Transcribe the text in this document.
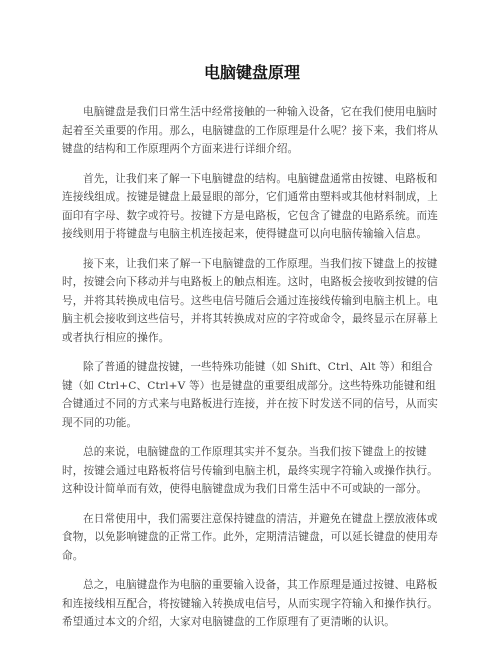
电脑键盘原理

电脑键盘是我们日常生活中经常接触的一种输入设备，它在我们使用电脑时起着至关重要的作用。那么，电脑键盘的工作原理是什么呢？接下来，我们将从键盘的结构和工作原理两个方面来进行详细介绍。

首先，让我们来了解一下电脑键盘的结构。电脑键盘通常由按键、电路板和连接线组成。按键是键盘上最显眼的部分，它们通常由塑料或其他材料制成，上面印有字母、数字或符号。按键下方是电路板，它包含了键盘的电路系统。而连接线则用于将键盘与电脑主机连接起来，使得键盘可以向电脑传输输入信息。

接下来，让我们来了解一下电脑键盘的工作原理。当我们按下键盘上的按键时，按键会向下移动并与电路板上的触点相连。这时，电路板会接收到按键的信号，并将其转换成电信号。这些电信号随后会通过连接线传输到电脑主机上。电脑主机会接收到这些信号，并将其转换成对应的字符或命令，最终显示在屏幕上或者执行相应的操作。

除了普通的键盘按键，一些特殊功能键（如 Shift、Ctrl、Alt 等）和组合键（如 Ctrl+C、Ctrl+V 等）也是键盘的重要组成部分。这些特殊功能键和组合键通过不同的方式来与电路板进行连接，并在按下时发送不同的信号，从而实现不同的功能。

总的来说，电脑键盘的工作原理其实并不复杂。当我们按下键盘上的按键时，按键会通过电路板将信号传输到电脑主机，最终实现字符输入或操作执行。这种设计简单而有效，使得电脑键盘成为我们日常生活中不可或缺的一部分。

在日常使用中，我们需要注意保持键盘的清洁，并避免在键盘上摆放液体或食物，以免影响键盘的正常工作。此外，定期清洁键盘，可以延长键盘的使用寿命。

总之，电脑键盘作为电脑的重要输入设备，其工作原理是通过按键、电路板和连接线相互配合，将按键输入转换成电信号，从而实现字符输入和操作执行。希望通过本文的介绍，大家对电脑键盘的工作原理有了更清晰的认识。
